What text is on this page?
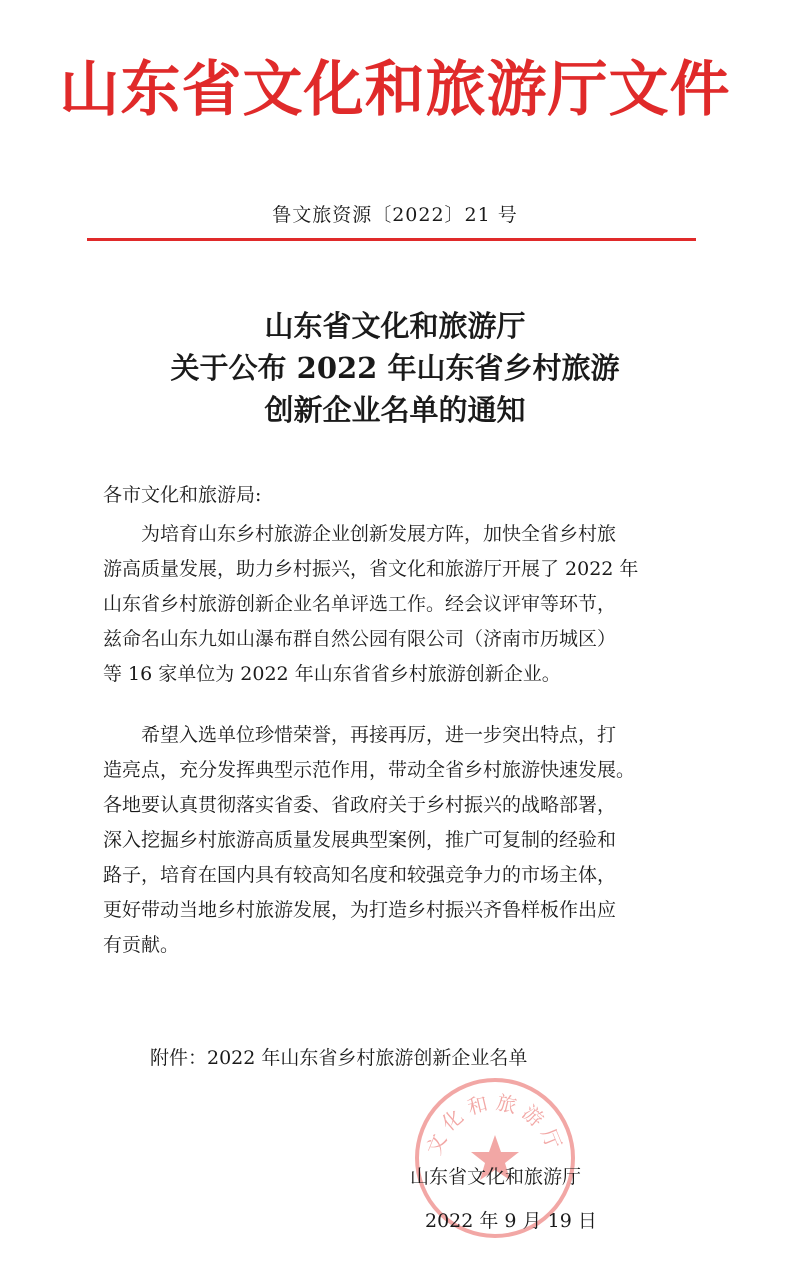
山东省文化和旅游厅文件
鲁文旅资源〔2022〕21 号
山东省文化和旅游厅
关于公布 2022 年山东省乡村旅游
创新企业名单的通知
各市文化和旅游局:
　　为培育山东乡村旅游企业创新发展方阵，加快全省乡村旅
游高质量发展，助力乡村振兴，省文化和旅游厅开展了 2022 年
山东省乡村旅游创新企业名单评选工作。经会议评审等环节，
兹命名山东九如山瀑布群自然公园有限公司（济南市历城区）
等 16 家单位为 2022 年山东省省乡村旅游创新企业。
　　希望入选单位珍惜荣誉，再接再厉，进一步突出特点，打
造亮点，充分发挥典型示范作用，带动全省乡村旅游快速发展。
各地要认真贯彻落实省委、省政府关于乡村振兴的战略部署，
深入挖掘乡村旅游高质量发展典型案例，推广可复制的经验和
路子，培育在国内具有较高知名度和较强竞争力的市场主体，
更好带动当地乡村旅游发展，为打造乡村振兴齐鲁样板作出应
有贡献。
附件：2022 年山东省乡村旅游创新企业名单
文化和旅游厅
山东省文化和旅游厅
2022 年 9 月 19 日
